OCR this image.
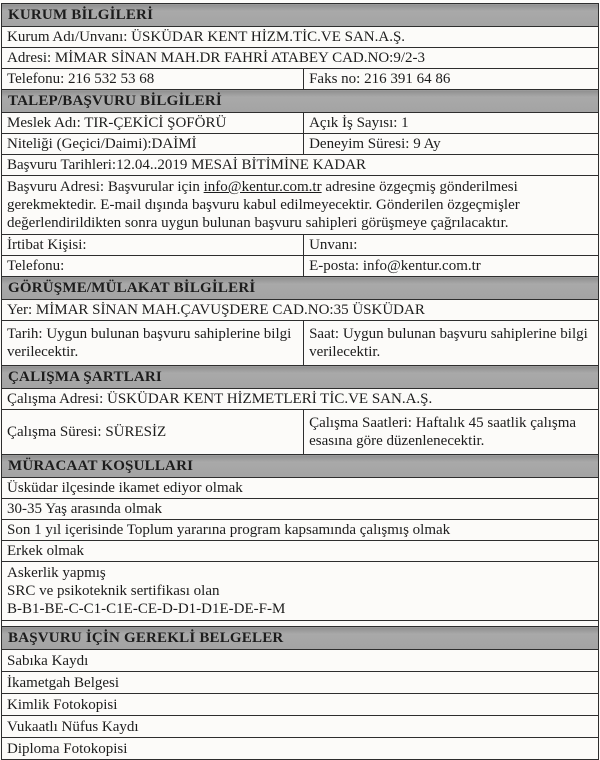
KURUM BİLGİLERİ	
Kurum Adı/Unvanı: ÜSKÜDAR KENT HİZM.TİC.VE SAN.A.Ş.	
Adresi: MİMAR SİNAN MAH.DR FAHRİ ATABEY CAD.NO:9/2-3	
Telefonu: 216 532 53 68	Faks no: 216 391 64 86
TALEP/BAŞVURU BİLGİLERİ	
Meslek Adı: TIR-ÇEKİCİ ŞOFÖRÜ	Açık İş Sayısı: 1
Niteliği (Geçici/Daimi):DAİMİ	Deneyim Süresi: 9 Ay
Başvuru Tarihleri:12.04..2019 MESAİ BİTİMİNE KADAR	
Başvuru Adresi: Başvurular için info@kentur.com.tr adresine özgeçmiş gönderilmesi gerekmektedir. E-mail dışında başvuru kabul edilmeyecektir. Gönderilen özgeçmişler değerlendirildikten sonra uygun bulunan başvuru sahipleri görüşmeye çağrılacaktır.	
İrtibat Kişisi:	Unvanı:
Telefonu:	E-posta: info@kentur.com.tr
GÖRÜŞME/MÜLAKAT BİLGİLERİ	
Yer: MİMAR SİNAN MAH.ÇAVUŞDERE CAD.NO:35 ÜSKÜDAR	
Tarih: Uygun bulunan başvuru sahiplerine bilgi verilecektir.	Saat: Uygun bulunan başvuru sahiplerine bilgi verilecektir.
ÇALIŞMA ŞARTLARI	
Çalışma Adresi: ÜSKÜDAR KENT HİZMETLERİ TİC.VE SAN.A.Ş.	
Çalışma Süresi: SÜRESİZ	Çalışma Saatleri: Haftalık 45 saatlik çalışma esasına göre düzenlenecektir.
MÜRACAAT KOŞULLARI	
Üsküdar ilçesinde ikamet ediyor olmak	
30-35 Yaş arasında olmak	
Son 1 yıl içerisinde Toplum yararına program kapsamında çalışmış olmak	
Erkek olmak	

Askerlik yapmış
SRC ve psikoteknik sertifikası olan
B-B1-BE-C-C1-C1E-CE-D-D1-D1E-DE-F-M	

BAŞVURU İÇİN GEREKLİ BELGELER	
Sabıka Kaydı	
İkametgah Belgesi	
Kimlik Fotokopisi	
Vukaatlı Nüfus Kaydı	
Diploma Fotokopisi	
